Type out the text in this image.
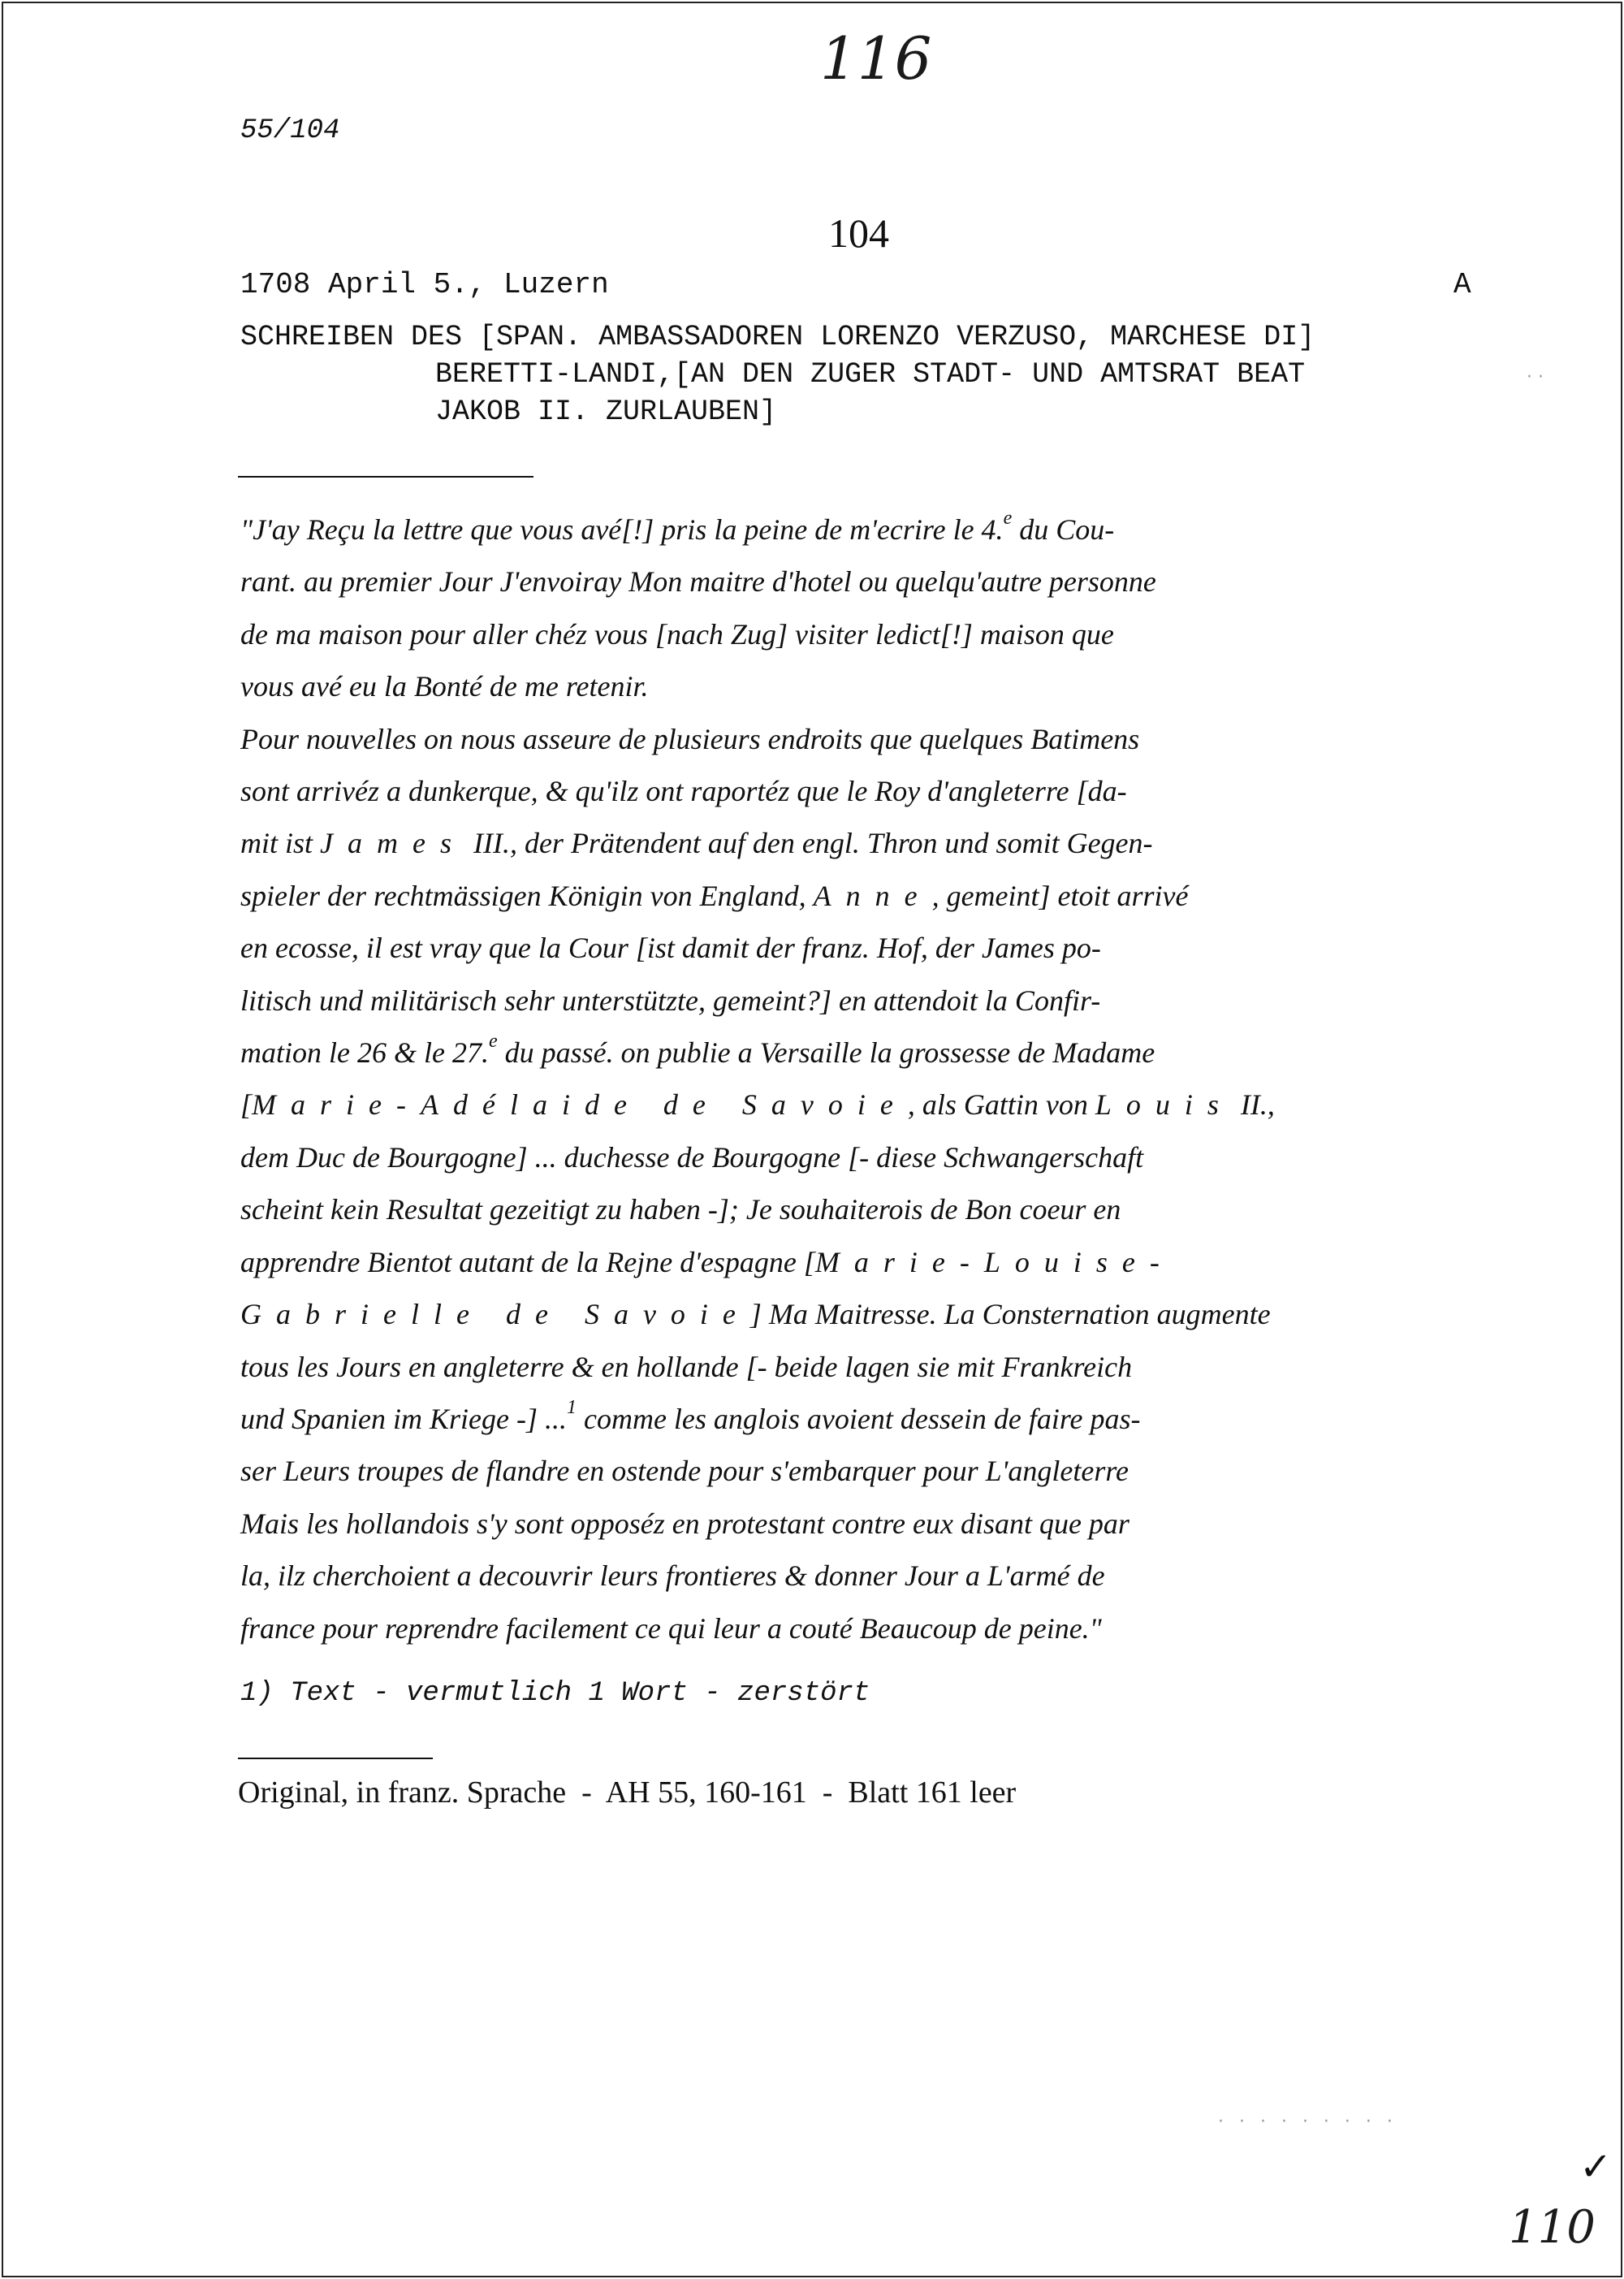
116
55/104
104
1708 April 5., Luzern	A
SCHREIBEN DES [SPAN. AMBASSADOREN LORENZO VERZUSO, MARCHESE DI]
BERETTI-LANDI,[AN DEN ZUGER STADT- UND AMTSRAT BEAT
JAKOB II. ZURLAUBEN]
· ·
"J'ay Reçu la lettre que vous avé[!] pris la peine de m'ecrire le 4.$^e$ du Cou-
rant. au premier Jour J'envoiray Mon maitre d'hotel ou quelqu'autre personne
de ma maison pour aller chéz vous [nach Zug] visiter ledict[!] maison que
vous avé eu la Bonté de me retenir.
Pour nouvelles on nous asseure de plusieurs endroits que quelques Batimens
sont arrivéz a dunkerque, & qu'ilz ont raportéz que le Roy d'angleterre [da-
mit ist James III., der Prätendent auf den engl. Thron und somit Gegen-
spieler der rechtmässigen Königin von England, Anne, gemeint] etoit arrivé
en ecosse, il est vray que la Cour [ist damit der franz. Hof, der James po-
litisch und militärisch sehr unterstützte, gemeint?] en attendoit la Confir-
mation le 26 & le 27.$^e$ du passé. on publie a Versaille la grossesse de Madame
[Marie-Adélaide de Savoie, als Gattin von Louis II.,
dem Duc de Bourgogne] ... duchesse de Bourgogne [- diese Schwangerschaft
scheint kein Resultat gezeitigt zu haben -]; Je souhaiterois de Bon coeur en
apprendre Bientot autant de la Rejne d'espagne [Marie-Louise-
Gabrielle de Savoie] Ma Maitresse. La Consternation augmente
tous les Jours en angleterre & en hollande [- beide lagen sie mit Frankreich
und Spanien im Kriege -] ...$^1$ comme les anglois avoient dessein de faire pas-
ser Leurs troupes de flandre en ostende pour s'embarquer pour L'angleterre
Mais les hollandois s'y sont opposéz en protestant contre eux disant que par
la, ilz cherchoient a decouvrir leurs frontieres & donner Jour a L'armé de
france pour reprendre facilement ce qui leur a couté Beaucoup de peine."
1) Text - vermutlich 1 Wort - zerstört
Original, in franz. Sprache  -  AH 55, 160-161  -  Blatt 161 leer
· · · · · · · · ·
✓
110
